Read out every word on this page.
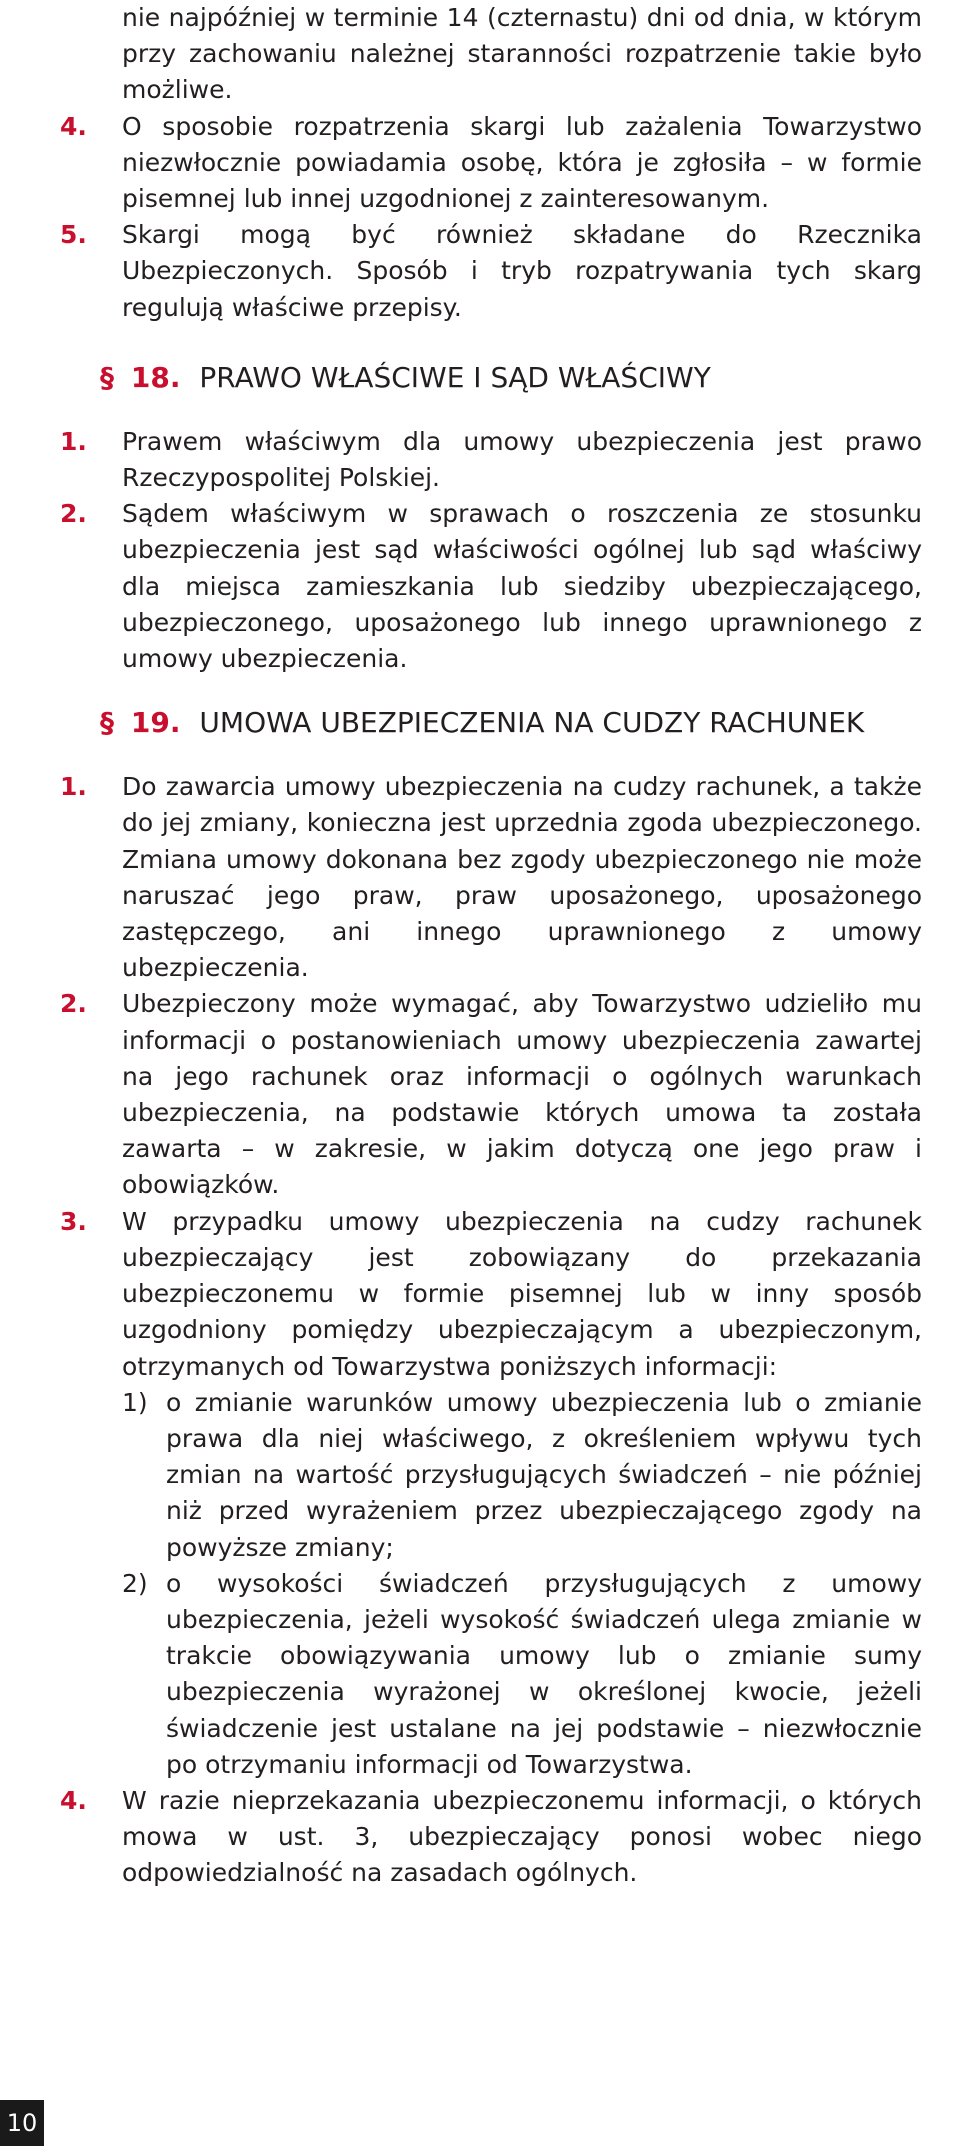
nie najpóźniej w terminie 14 (czternastu) dni od dnia, w którym przy zachowaniu należnej staranności rozpatrzenie takie było możliwe.

4. O sposobie rozpatrzenia skargi lub zażalenia Towarzystwo niezwłocznie powiadamia osobę, która je zgłosiła – w formie pisemnej lub innej uzgodnionej z zainteresowanym.
5. Skargi mogą być również składane do Rzecznika Ubezpieczonych. Sposób i tryb rozpatrywania tych skarg regulują właściwe przepisy.
§ 18. PRAWO WŁAŚCIWE I SĄD WŁAŚCIWY
1. Prawem właściwym dla umowy ubezpieczenia jest prawo Rzeczypospolitej Polskiej.
2. Sądem właściwym w sprawach o roszczenia ze stosunku ubezpieczenia jest sąd właściwości ogólnej lub sąd właściwy dla miejsca zamieszkania lub siedziby ubezpieczającego, ubezpieczonego, uposażonego lub innego uprawnionego z umowy ubezpieczenia.
§ 19. UMOWA UBEZPIECZENIA NA CUDZY RACHUNEK
1. Do zawarcia umowy ubezpieczenia na cudzy rachunek, a także do jej zmiany, konieczna jest uprzednia zgoda ubezpieczonego. Zmiana umowy dokonana bez zgody ubezpieczonego nie może naruszać jego praw, praw uposażonego, uposażonego zastępczego, ani innego uprawnionego z umowy ubezpieczenia.
2. Ubezpieczony może wymagać, aby Towarzystwo udzieliło mu informacji o postanowieniach umowy ubezpieczenia zawartej na jego rachunek oraz informacji o ogólnych warunkach ubezpieczenia, na podstawie których umowa ta została zawarta – w zakresie, w jakim dotyczą one jego praw i obowiązków.
3. W przypadku umowy ubezpieczenia na cudzy rachunek ubezpieczający jest zobowiązany do przekazania ubezpieczonemu w formie pisemnej lub w inny sposób uzgodniony pomiędzy ubezpieczającym a ubezpieczonym, otrzymanych od Towarzystwa poniższych informacji:
1) o zmianie warunków umowy ubezpieczenia lub o zmianie prawa dla niej właściwego, z określeniem wpływu tych zmian na wartość przysługujących świadczeń – nie później niż przed wyrażeniem przez ubezpieczającego zgody na powyższe zmiany;
2) o wysokości świadczeń przysługujących z umowy ubezpieczenia, jeżeli wysokość świadczeń ulega zmianie w trakcie obowiązywania umowy lub o zmianie sumy ubezpieczenia wyrażonej w określonej kwocie, jeżeli świadczenie jest ustalane na jej podstawie – niezwłocznie po otrzymaniu informacji od Towarzystwa.
4. W razie nieprzekazania ubezpieczonemu informacji, o których mowa w ust. 3, ubezpieczający ponosi wobec niego odpowiedzialność na zasadach ogólnych.
10
